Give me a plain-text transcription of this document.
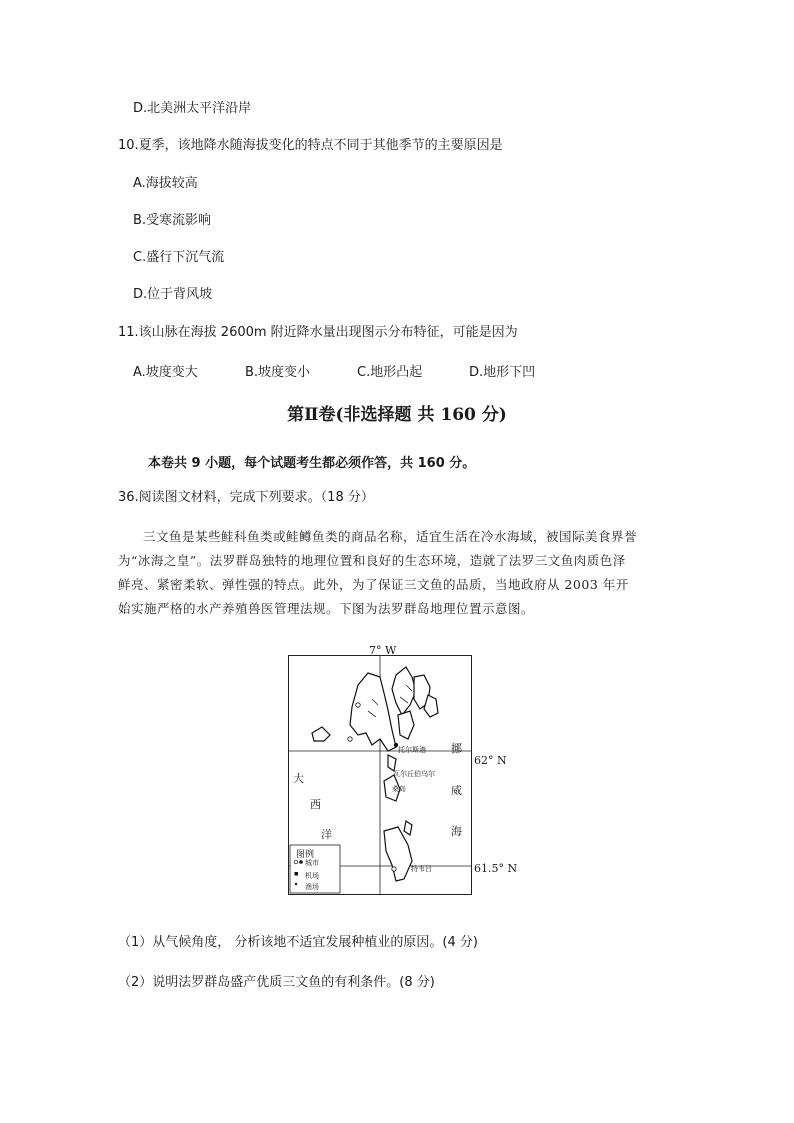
D.北美洲太平洋沿岸
10.夏季，该地降水随海拔变化的特点不同于其他季节的主要原因是
A.海拔较高
B.受寒流影响
C.盛行下沉气流
D.位于背风坡
11.该山脉在海拔 2600m 附近降水量出现图示分布特征，可能是因为
A.坡度变大	B.坡度变小	C.地形凸起	D.地形下凹
第Ⅱ卷(非选择题 共 160 分)
本卷共 9 小题，每个试题考生都必须作答，共 160 分。
36.阅读图文材料，完成下列要求。（18 分）

三文鱼是某些鲑科鱼类或鲑鳟鱼类的商品名称，适宜生活在冷水海域，被国际美食界誉

为“冰海之皇”。法罗群岛独特的地理位置和良好的生态环境，造就了法罗三文鱼肉质色泽

鲜亮、紧密柔软、弹性强的特点。此外，为了保证三文鱼的品质，当地政府从 2003 年开

始实施严格的水产养殖兽医管理法规。下图为法罗群岛地理位置示意图。

7° W
托尔斯港
瓦尔丘伯乌尔
桑岛
特韦吕
62° N
61.5° N
大
西
洋
挪
威
海
图例
城市
机场
渔场
（1）从气候角度， 分析该地不适宜发展种植业的原因。(4 分)
（2）说明法罗群岛盛产优质三文鱼的有利条件。(8 分)
